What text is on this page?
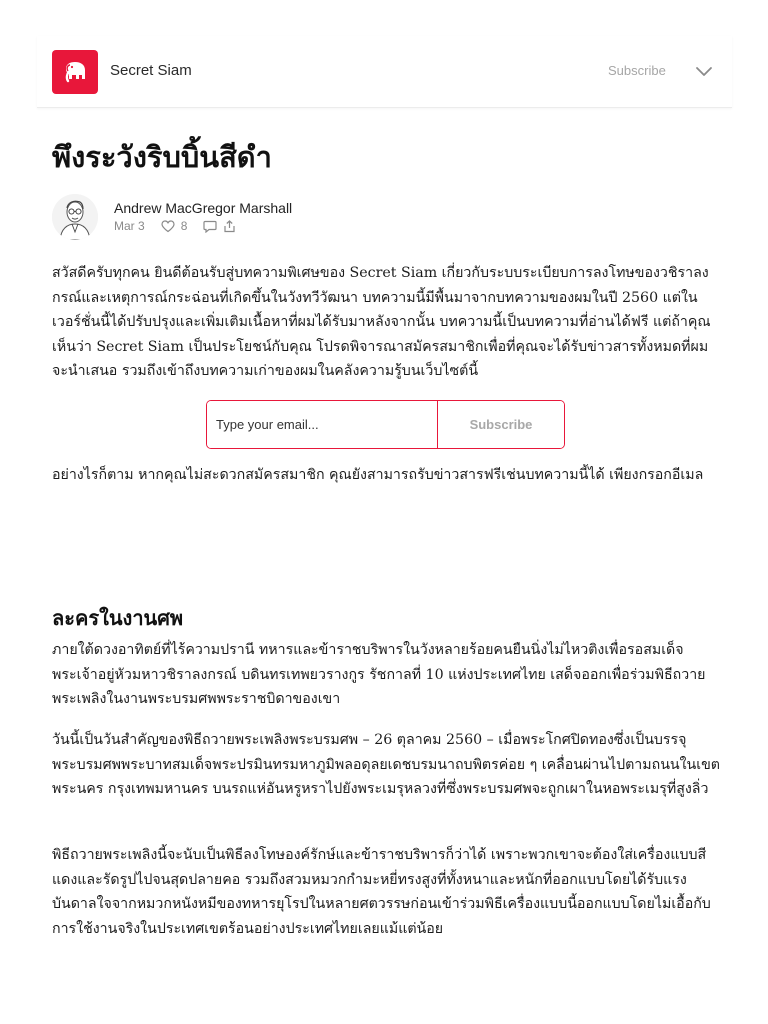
Secret Siam	Subscribe
พึงระวังริบบิ้นสีดำ
Andrew MacGregor Marshall
Mar 3	8

สวัสดีครับทุกคน ยินดีต้อนรับสู่บทความพิเศษของ Secret Siam เกี่ยวกับระบบระเบียบการลงโทษของวชิราลงกรณ์และเหตุการณ์กระฉ่อนที่เกิดขึ้นในวังทวีวัฒนา บทความนี้มีพื้นมาจากบทความของผมในปี 2560 แต่ในเวอร์ชั่นนี้ได้ปรับปรุงและเพิ่มเติมเนื้อหาที่ผมได้รับมาหลังจากนั้น บทความนี้เป็นบทความที่อ่านได้ฟรี แต่ถ้าคุณเห็นว่า Secret Siam เป็นประโยชน์กับคุณ โปรดพิจารณาสมัครสมาชิกเพื่อที่คุณจะได้รับข่าวสารทั้งหมดที่ผมจะนำเสนอ รวมถึงเข้าถึงบทความเก่าของผมในคลังความรู้บนเว็บไซต์นี้

Type your email...
Subscribe

อย่างไรก็ตาม หากคุณไม่สะดวกสมัครสมาชิก คุณยังสามารถรับข่าวสารฟรีเช่นบทความนี้ได้ เพียงกรอกอีเมล

ละครในงานศพ

ภายใต้ดวงอาทิตย์ที่ไร้ความปรานี ทหารและข้าราชบริพารในวังหลายร้อยคนยืนนิ่งไม่ไหวติงเพื่อรอสมเด็จพระเจ้าอยู่หัวมหาวชิราลงกรณ์ บดินทรเทพยวรางกูร รัชกาลที่ 10 แห่งประเทศไทย เสด็จออกเพื่อร่วมพิธีถวายพระเพลิงในงานพระบรมศพพระราชบิดาของเขา

วันนี้เป็นวันสำคัญของพิธีถวายพระเพลิงพระบรมศพ – 26 ตุลาคม 2560 – เมื่อพระโกศปิดทองซึ่งเป็นบรรจุพระบรมศพพระบาทสมเด็จพระปรมินทรมหาภูมิพลอดุลยเดชบรมนาถบพิตรค่อย ๆ เคลื่อนผ่านไปตามถนนในเขตพระนคร กรุงเทพมหานคร บนรถแห่อันหรูหราไปยังพระเมรุหลวงที่ซึ่งพระบรมศพจะถูกเผาในหอพระเมรุที่สูงลิ่ว

พิธีถวายพระเพลิงนี้จะนับเป็นพิธีลงโทษองค์รักษ์และข้าราชบริพารก็ว่าได้ เพราะพวกเขาจะต้องใส่เครื่องแบบสีแดงและรัดรูปไปจนสุดปลายคอ รวมถึงสวมหมวกกำมะหยี่ทรงสูงที่ทั้งหนาและหนักที่ออกแบบโดยได้รับแรงบันดาลใจจากหมวกหนังหมีของทหารยุโรปในหลายศตวรรษก่อนเข้าร่วมพิธีเครื่องแบบนี้ออกแบบโดยไม่เอื้อกับการใช้งานจริงในประเทศเขตร้อนอย่างประเทศไทยเลยแม้แต่น้อย
